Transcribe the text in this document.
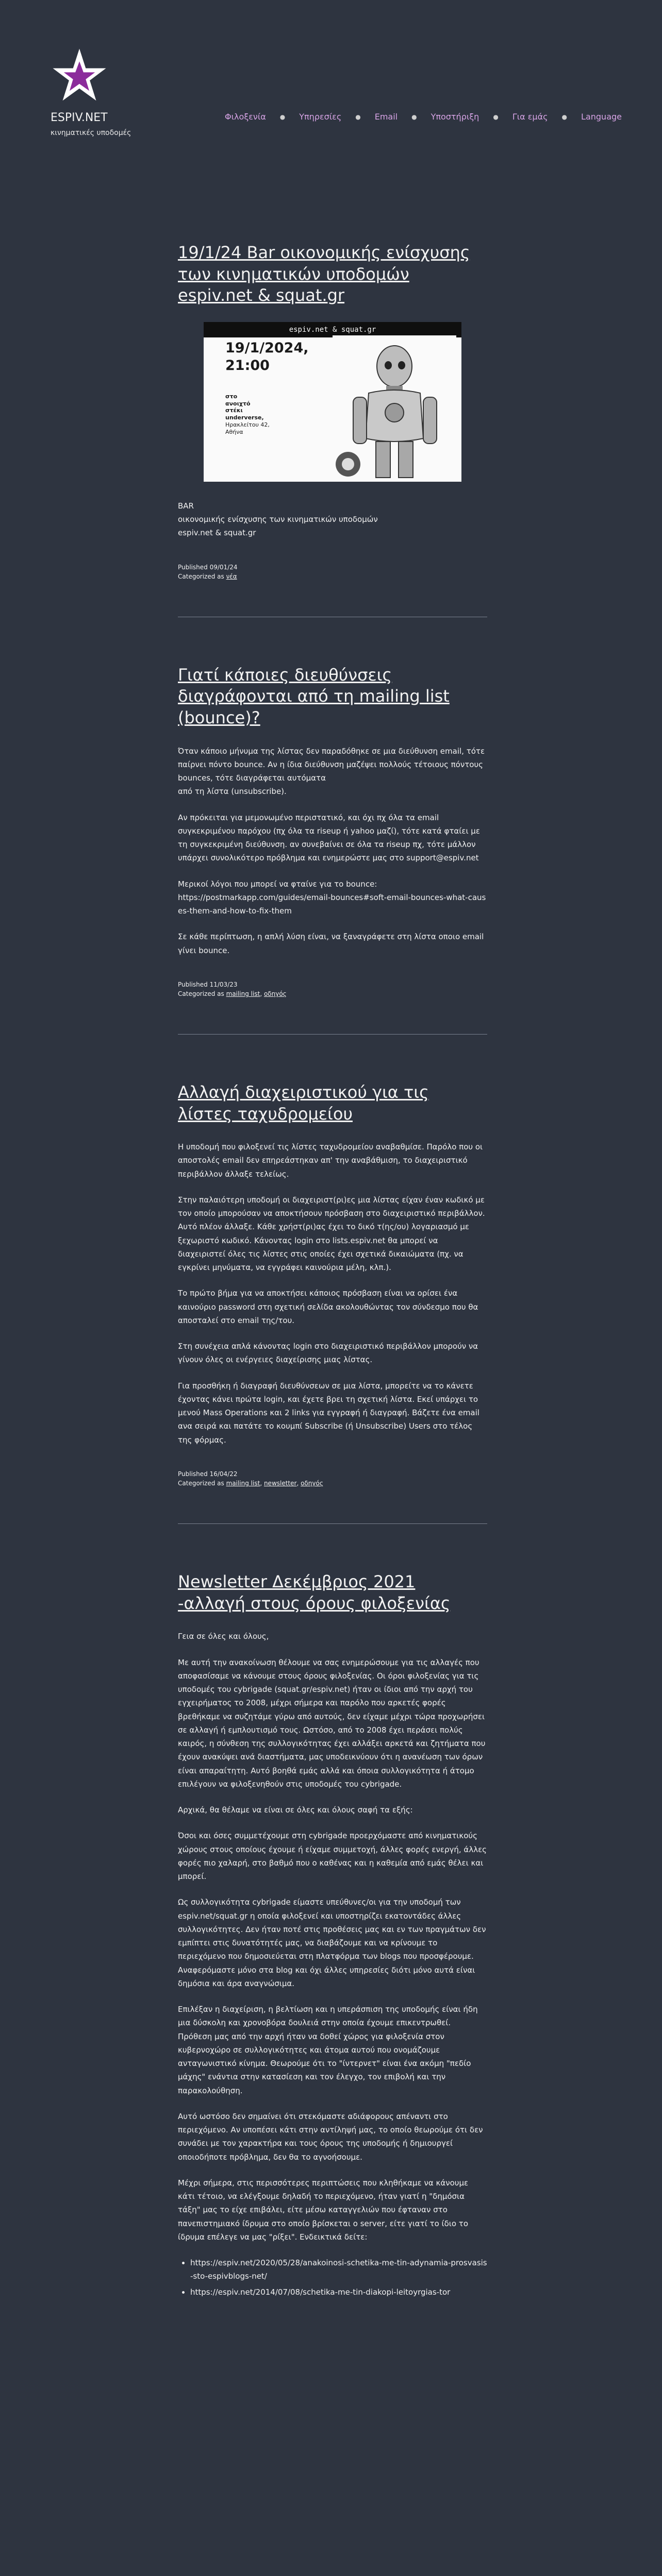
ESPIV.NET
κινηματικές υποδομές
Φιλοξενία ● Υπηρεσίες ● Email ● Υποστήριξη ● Για εμάς ● Language
19/1/24 Bar οικονομικής ενίσχυσης των κινηματικών υποδομών espiv.net & squat.gr
espiv.net & squat.gr
19/1/2024,
21:00
στο
ανοιχτό
στέκι
underverse,
Ηρακλείτου 42,
Αθήνα

BAR
οικονομικής ενίσχυσης των κινηματικών υποδομών
espiv.net & squat.gr

Published 09/01/24
Categorized as νέα
Γιατί κάποιες διευθύνσεις διαγράφονται από τη mailing list (bounce)?

Όταν κάποιο μήνυμα της λίστας δεν παραδόθηκε σε μια διεύθυνση email, τότε παίρνει πόντο bounce. Αν η ίδια διεύθυνση μαζέψει πολλούς τέτοιους πόντους bounces, τότε διαγράφεται αυτόματα
από τη λίστα (unsubscribe).

Αν πρόκειται για μεμονωμένο περιστατικό, και όχι πχ όλα τα email συγκεκριμένου παρόχου (πχ όλα τα riseup ή yahoo μαζί), τότε κατά φταίει με τη συγκεκριμένη διεύθυνση. αν συνεβαίνει σε όλα τα riseup πχ, τότε μάλλον υπάρχει συνολικότερο πρόβλημα και ενημερώστε μας στο support@espiv.net

Μερικοί λόγοι που μπορεί να φταίνε για το bounce:

https://postmarkapp.com/guides/email-bounces#soft-email-bounces-what-causes-them-and-how-to-fix-them

Σε κάθε περίπτωση, η απλή λύση είναι, να ξαναγράφετε στη λίστα οποιο email γίνει bounce.

Published 11/03/23
Categorized as mailing list, οδηγός
Αλλαγή διαχειριστικού για τις λίστες ταχυδρομείου

Η υποδομή που φιλοξενεί τις λίστες ταχυδρομείου αναβαθμίσε. Παρόλο που οι αποστολές email δεν επηρεάστηκαν απ' την αναβάθμιση, το διαχειριστικό περιβάλλον άλλαξε τελείως.

Στην παλαιότερη υποδομή οι διαχειριστ(ρι)ες μια λίστας είχαν έναν κωδικό με τον οποίο μπορούσαν να αποκτήσουν πρόσβαση στο διαχειριστικό περιβάλλον. Αυτό πλέον άλλαξε. Κάθε χρήστ(ρι)ας έχει το δικό τ(ης/ου) λογαριασμό με ξεχωριστό κωδικό. Κάνοντας login στο lists.espiv.net θα μπορεί να διαχειριστεί όλες τις λίστες στις οποίες έχει σχετικά δικαιώματα (πχ. να εγκρίνει μηνύματα, να εγγράφει καινούρια μέλη, κλπ.).

Το πρώτο βήμα για να αποκτήσει κάποιος πρόσβαση είναι να ορίσει ένα καινούριο password στη σχετική σελίδα ακολουθώντας τον σύνδεσμο που θα αποσταλεί στο email της/του.

Στη συνέχεια απλά κάνοντας login στο διαχειριστικό περιβάλλον μπορούν να γίνουν όλες οι ενέργειες διαχείρισης μιας λίστας.

Για προσθήκη ή διαγραφή διευθύνσεων σε μια λίστα, μπορείτε να το κάνετε έχοντας κάνει πρώτα login, και έχετε βρει τη σχετική λίστα. Εκεί υπάρχει το μενού Mass Operations και 2 links για εγγραφή ή διαγραφή. Βάζετε ένα email ανα σειρά και πατάτε το κουμπί Subscribe (ή Unsubscribe) Users στο τέλος της φόρμας.

Published 16/04/22
Categorized as mailing list, newsletter, οδηγός
Newsletter Δεκέμβριος 2021 -αλλαγή στους όρους φιλοξενίας

Γεια σε όλες και όλους,

Με αυτή την ανακοίνωση θέλουμε να σας ενημερώσουμε για τις αλλαγές που αποφασίσαμε να κάνουμε στους όρους φιλοξενίας. Οι όροι φιλοξενίας για τις υποδομές του cybrigade (squat.gr/espiv.net) ήταν οι ίδιοι από την αρχή του εγχειρήματος το 2008, μέχρι σήμερα και παρόλο που αρκετές φορές βρεθήκαμε να συζητάμε γύρω από αυτούς, δεν είχαμε μέχρι τώρα προχωρήσει σε αλλαγή ή εμπλουτισμό τους. Ωστόσο, από το 2008 έχει περάσει πολύς καιρός, η σύνθεση της συλλογικότητας έχει αλλάξει αρκετά και ζητήματα που έχουν ανακύψει ανά διαστήματα, μας υποδεικνύουν ότι η ανανέωση των όρων είναι απαραίτητη. Αυτό βοηθά εμάς αλλά και όποια συλλογικότητα ή άτομο επιλέγουν να φιλοξενηθούν στις υποδομές του cybrigade.

Αρχικά, θα θέλαμε να είναι σε όλες και όλους σαφή τα εξής:

Όσοι και όσες συμμετέχουμε στη cybrigade προερχόμαστε από κινηματικούς χώρους στους οποίους έχουμε ή είχαμε συμμετοχή, άλλες φορές ενεργή, άλλες φορές πιο χαλαρή, στο βαθμό που ο καθένας και η καθεμία από εμάς θέλει και μπορεί.

Ως συλλογικότητα cybrigade είμαστε υπεύθυνες/οι για την υποδομή των espiv.net/squat.gr η οποία φιλοξενεί και υποστηρίζει εκατοντάδες άλλες συλλογικότητες. Δεν ήταν ποτέ στις προθέσεις μας και εν των πραγμάτων δεν εμπίπτει στις δυνατότητές μας, να διαβάζουμε και να κρίνουμε το περιεχόμενο που δημοσιεύεται στη πλατφόρμα των blogs που προσφέρουμε. Αναφερόμαστε μόνο στα blog και όχι άλλες υπηρεσίες διότι μόνο αυτά είναι δημόσια και άρα αναγνώσιμα.

Επιλέξαν η διαχείριση, η βελτίωση και η υπεράσπιση της υποδομής είναι ήδη μια δύσκολη και χρονοβόρα δουλειά στην οποία έχουμε επικεντρωθεί. Πρόθεση μας από την αρχή ήταν να δοθεί χώρος για φιλοξενία στον κυβερνοχώρο σε συλλογικότητες και άτομα αυτού που ονομάζουμε ανταγωνιστικό κίνημα. Θεωρούμε ότι το "ίντερνετ" είναι ένα ακόμη "πεδίο μάχης" ενάντια στην κατασίεση και τον έλεγχο, τον επιβολή και την παρακολούθηση.

Αυτό ωστόσο δεν σημαίνει ότι στεκόμαστε αδιάφορους απέναντι στο περιεχόμενο. Αν υποπέσει κάτι στην αντίληψή μας, το οποίο θεωρούμε ότι δεν συνάδει με τον χαρακτήρα και τους όρους της υποδομής ή δημιουργεί οποιοδήποτε πρόβλημα, δεν θα το αγνοήσουμε.

Μέχρι σήμερα, στις περισσότερες περιπτώσεις που κληθήκαμε να κάνουμε κάτι τέτοιο, να ελέγξουμε δηλαδή το περιεχόμενο, ήταν γιατί η "δημόσια τάξη" μας το είχε επιβάλει, είτε μέσω καταγγελιών που έφταναν στο πανεπιστημιακό ίδρυμα στο οποίο βρίσκεται ο server, είτε γιατί το ίδιο το ίδρυμα επέλεγε να μας "ρίξει". Ενδεικτικά δείτε:

• https://espiv.net/2020/05/28/anakoinosi-schetika-me-tin-adynamia-prosvasis-sto-espivblogs-net/
• https://espiv.net/2014/07/08/schetika-me-tin-diakopi-leitoyrgias-tor
